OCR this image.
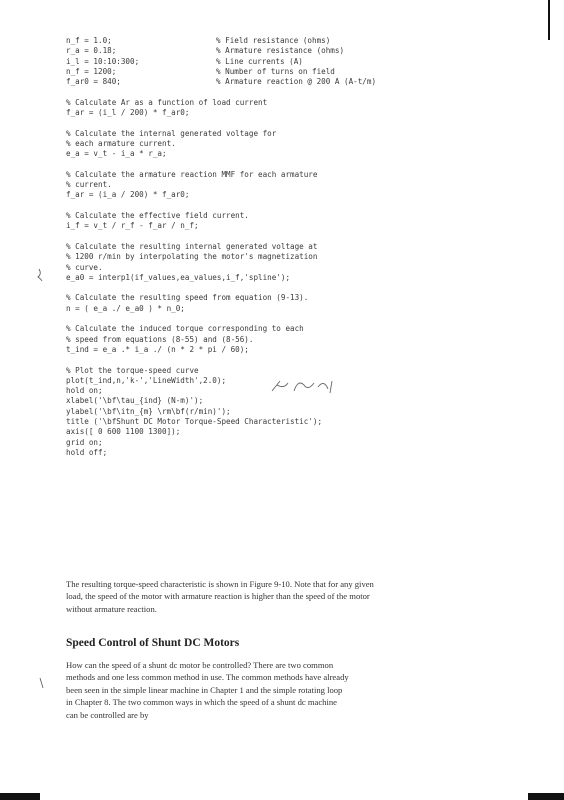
n_f = 1.0;	% Field resistance (ohms)
r_a = 0.18;	% Armature resistance (ohms)
i_l = 10:10:300;	% Line currents (A)
n_f = 1200;	% Number of turns on field
f_ar0 = 840;	% Armature reaction @ 200 A (A-t/m)
% Calculate Ar as a function of load current
f_ar = (i_l / 200) * f_ar0;
% Calculate the internal generated voltage for
% each armature current.
e_a = v_t - i_a * r_a;
% Calculate the armature reaction MMF for each armature
% current.
f_ar = (i_a / 200) * f_ar0;
% Calculate the effective field current.
i_f = v_t / r_f - f_ar / n_f;
% Calculate the resulting internal generated voltage at
% 1200 r/min by interpolating the motor's magnetization
% curve.
e_a0 = interp1(if_values,ea_values,i_f,'spline');
% Calculate the resulting speed from equation (9-13).
n = ( e_a ./ e_a0 ) * n_0;
% Calculate the induced torque corresponding to each
% speed from equations (8-55) and (8-56).
t_ind = e_a .* i_a ./ (n * 2 * pi / 60);
% Plot the torque-speed curve
plot(t_ind,n,'k-','LineWidth',2.0);
hold on;
xlabel('\bf\tau_{ind} (N-m)');
ylabel('\bf\itn_{m} \rm\bf(r/min)');
title ('\bfShunt DC Motor Torque-Speed Characteristic');
axis([ 0 600 1100 1300]);
grid on;
hold off;
The resulting torque-speed characteristic is shown in Figure 9-10. Note that for any given
load, the speed of the motor with armature reaction is higher than the speed of the motor
without armature reaction.
Speed Control of Shunt DC Motors
How can the speed of a shunt dc motor be controlled? There are two common
methods and one less common method in use. The common methods have already
been seen in the simple linear machine in Chapter 1 and the simple rotating loop
in Chapter 8. The two common ways in which the speed of a shunt dc machine
can be controlled are by
